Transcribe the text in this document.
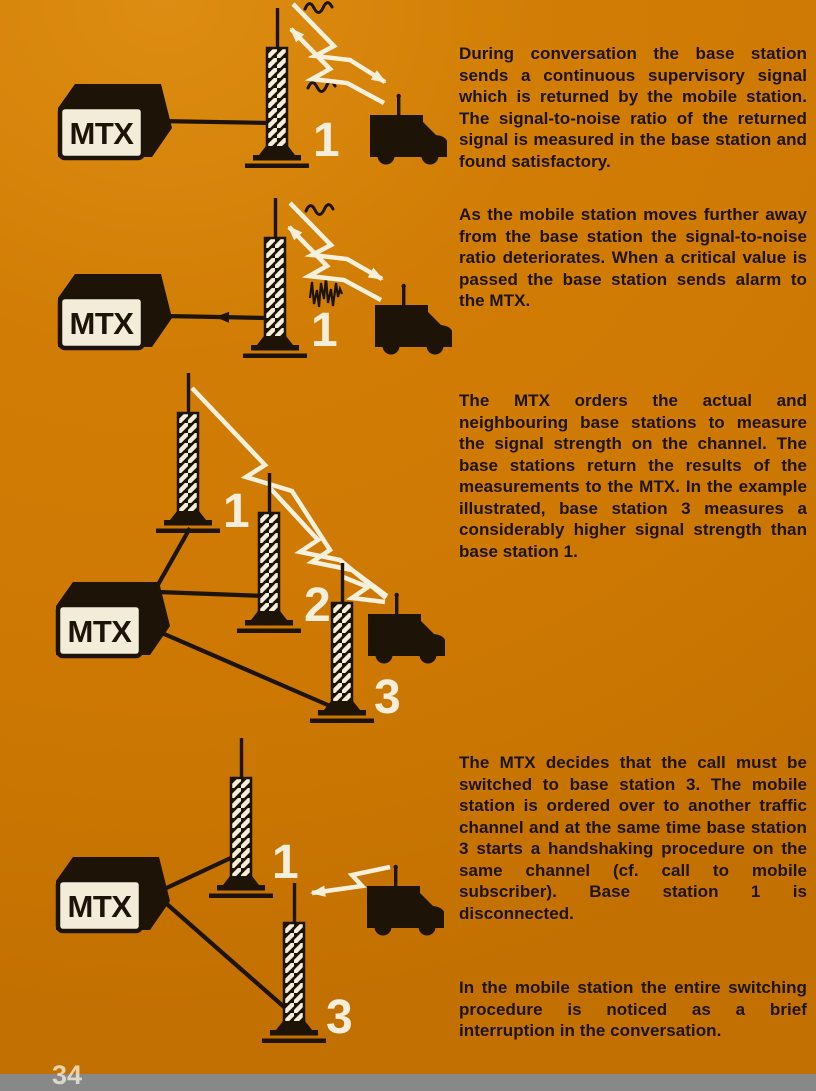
MTX
1
1
1
2
3
1
3
During conversation the base station sends a continuous supervisory signal which is returned by the mobile station. The signal-to-noise ratio of the returned signal is measured in the base station and found satisfactory.
As the mobile station moves further away from the base station the signal-to-noise ratio deteriorates. When a critical value is passed the base station sends alarm to the MTX.
The MTX orders the actual and neighbouring base stations to measure the signal strength on the channel. The base stations return the results of the measurements to the MTX. In the example illustrated, base station 3 measures a considerably higher signal strength than base station 1.
The MTX decides that the call must be switched to base station 3. The mobile station is ordered over to another traffic channel and at the same time base station 3 starts a handshaking procedure on the same channel (cf. call to mobile subscriber). Base station 1 is disconnected.
In the mobile station the entire switching procedure is noticed as a brief interruption in the conversation.
34
